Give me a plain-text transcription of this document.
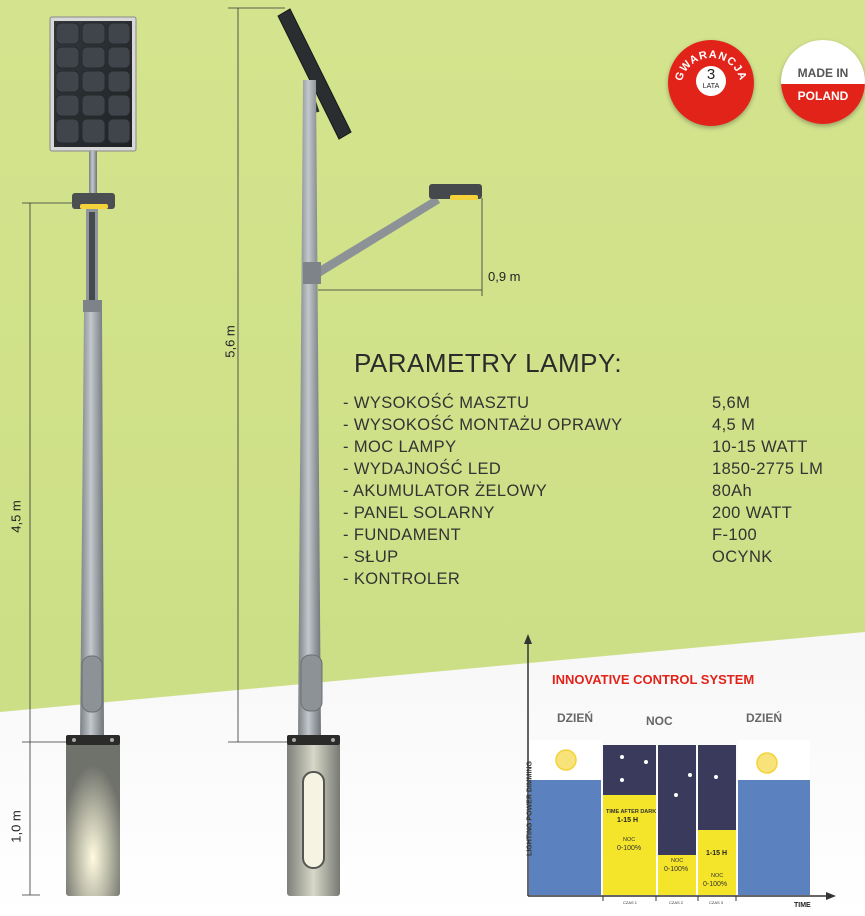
0,9 m
5,6 m
4,5 m
1,0 m
PARAMETRY LAMPY:
- WYSOKOŚĆ MASZTU	5,6M
- WYSOKOŚĆ MONTAŻU OPRAWY	4,5 M
- MOC LAMPY	10-15 WATT
- WYDAJNOŚĆ LED	1850-2775 LM
- AKUMULATOR ŻELOWY	80Ah
- PANEL SOLARNY	200 WATT
- FUNDAMENT	F-100
- SŁUP	OCYNK
- KONTROLER
GWARANCJA
3
LATA
MADE IN
POLAND
INNOVATIVE CONTROL SYSTEM
DZIEŃ	NOC	DZIEŃ
LIGHTING POWER DIMMING
TIME
TIME AFTER DARK
1-15 H
NOC
0-100%
NOC
0-100%
1-15 H
NOC
0-100%
CZAS 1	CZAS 2	CZAS 3
